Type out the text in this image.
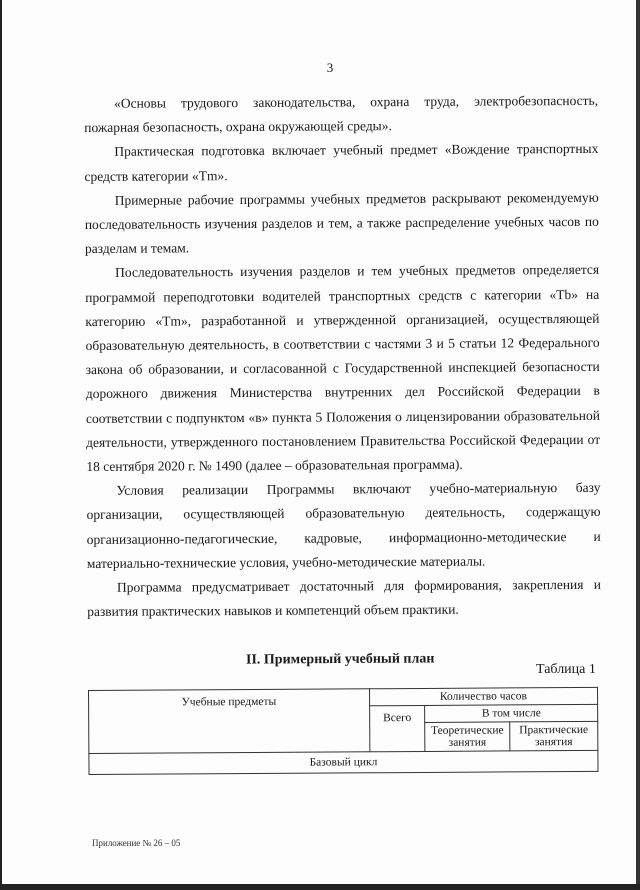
3

«Основы трудового законодательства, охрана труда, электробезопасность, пожарная безопасность, охрана окружающей среды».

Практическая подготовка включает учебный предмет «Вождение транспортных средств категории «Tm».

Примерные рабочие программы учебных предметов раскрывают рекомендуемую последовательность изучения разделов и тем, а также распределение учебных часов по разделам и темам.

Последовательность изучения разделов и тем учебных предметов определяется программой переподготовки водителей транспортных средств с категории «Tb» на категорию «Tm», разработанной и утвержденной организацией, осуществляющей образовательную деятельность, в соответствии с частями 3 и 5 статьи 12 Федерального закона об образовании, и согласованной с Государственной инспекцией безопасности дорожного движения Министерства внутренних дел Российской Федерации в соответствии с подпунктом «в» пункта 5 Положения о лицензировании образовательной деятельности, утвержденного постановлением Правительства Российской Федерации от 18 сентября 2020 г. № 1490 (далее – образовательная программа).

Условия реализации Программы включают учебно-материальную базу организации, осуществляющей образовательную деятельность, содержащую организационно-педагогические, кадровые, информационно-методические и материально-технические условия, учебно-методические материалы.

Программа предусматривает достаточный для формирования, закрепления и развития практических навыков и компетенций объем практики.

II. Примерный учебный план
Таблица 1
Учебные предметы	Количество часов		
	Всего	В том числе	
		Теоретические занятия	Практические занятия
Базовый цикл			
Приложение № 26 – 05
